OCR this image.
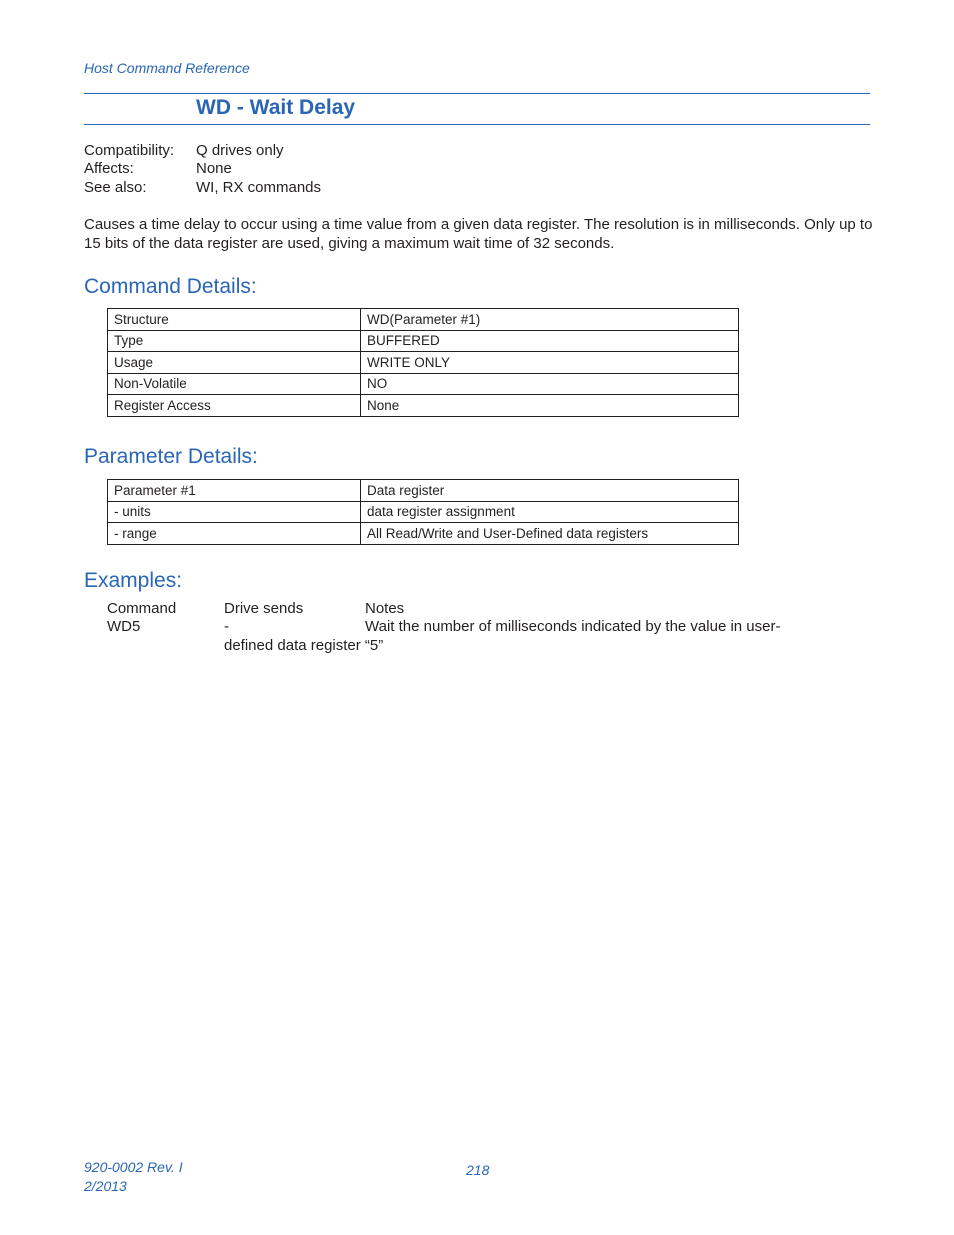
Host Command Reference
WD - Wait Delay
Compatibility: Q drives only
Affects:	None
See also:	WI, RX commands
Causes a time delay to occur using a time value from a given data register. The resolution is in milliseconds. Only up to 15 bits of the data register are used, giving a maximum wait time of 32 seconds.
Command Details:
Structure	WD(Parameter #1)
Type	BUFFERED
Usage	WRITE ONLY
Non-Volatile	NO
Register Access	None
Parameter Details:
Parameter #1	Data register
- units	data register assignment
- range	All Read/Write and User-Defined data registers
Examples:
Command	Drive sends	Notes
WD5	-	Wait the number of milliseconds indicated by the value in user-
defined data register “5”
920-0002 Rev. I
2/2013
218
